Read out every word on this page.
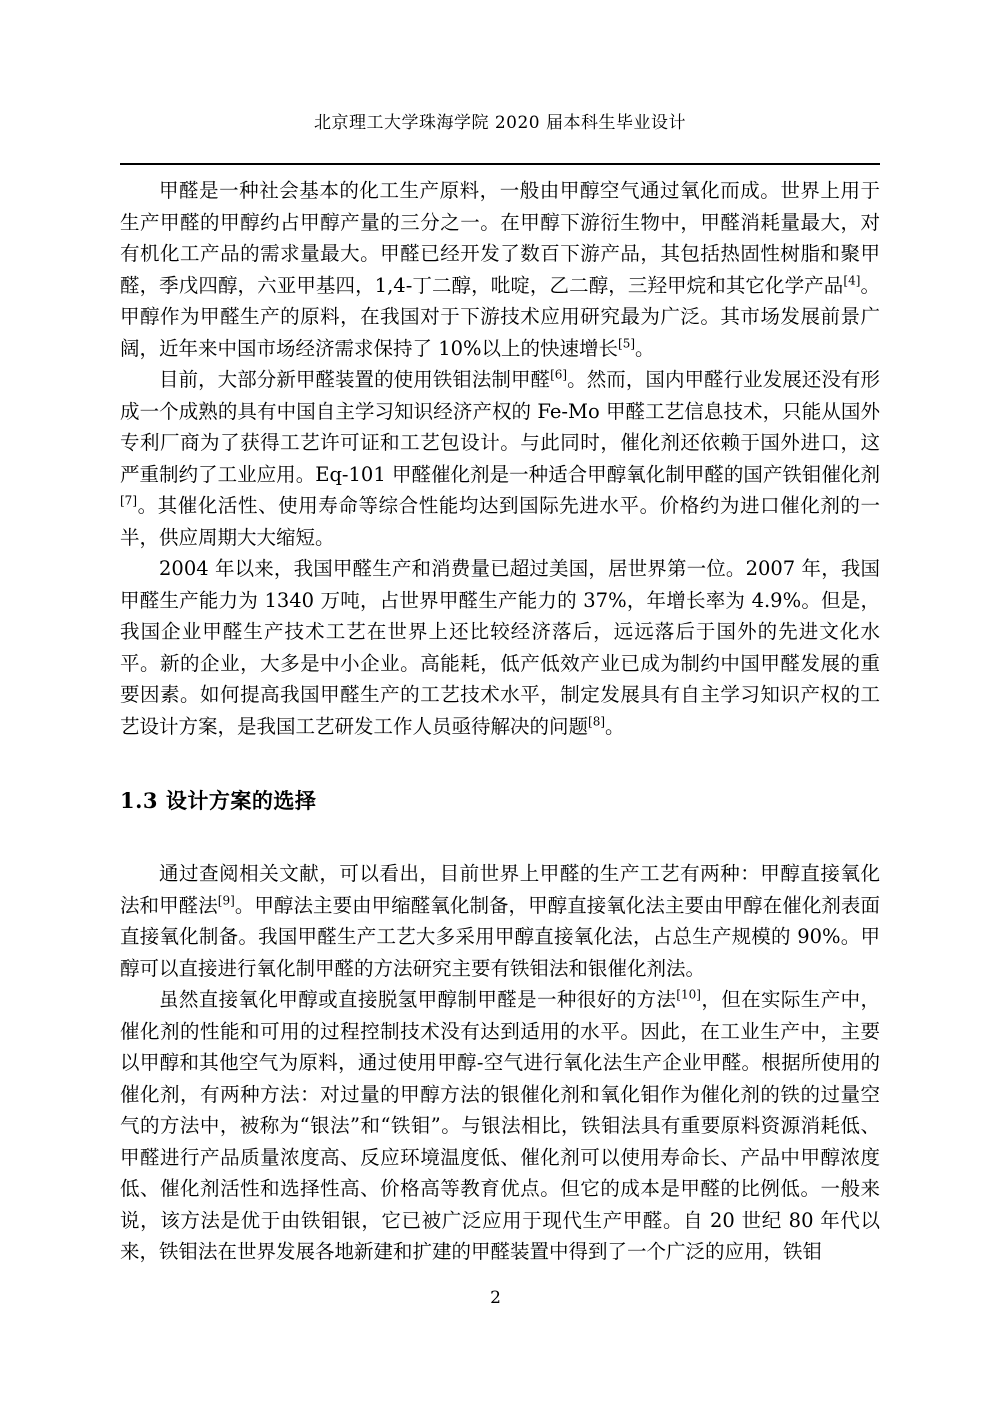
北京理工大学珠海学院 2020 届本科生毕业设计

甲醛是一种社会基本的化工生产原料，一般由甲醇空气通过氧化而成。世界上用于生产甲醛的甲醇约占甲醇产量的三分之一。在甲醇下游衍生物中，甲醛消耗量最大，对有机化工产品的需求量最大。甲醛已经开发了数百下游产品，其包括热固性树脂和聚甲醛，季戊四醇，六亚甲基四，1,4-丁二醇，吡啶，乙二醇，三羟甲烷和其它化学产品[4]。甲醇作为甲醛生产的原料，在我国对于下游技术应用研究最为广泛。其市场发展前景广阔，近年来中国市场经济需求保持了 10%以上的快速增长[5]。

目前，大部分新甲醛装置的使用铁钼法制甲醛[6]。然而，国内甲醛行业发展还没有形成一个成熟的具有中国自主学习知识经济产权的 Fe-Mo 甲醛工艺信息技术，只能从国外专利厂商为了获得工艺许可证和工艺包设计。与此同时，催化剂还依赖于国外进口，这严重制约了工业应用。Eq-101 甲醛催化剂是一种适合甲醇氧化制甲醛的国产铁钼催化剂[7]。其催化活性、使用寿命等综合性能均达到国际先进水平。价格约为进口催化剂的一半，供应周期大大缩短。

2004 年以来，我国甲醛生产和消费量已超过美国，居世界第一位。2007 年，我国甲醛生产能力为 1340 万吨，占世界甲醛生产能力的 37%，年增长率为 4.9%。但是，我国企业甲醛生产技术工艺在世界上还比较经济落后，远远落后于国外的先进文化水平。新的企业，大多是中小企业。高能耗，低产低效产业已成为制约中国甲醛发展的重要因素。如何提高我国甲醛生产的工艺技术水平，制定发展具有自主学习知识产权的工艺设计方案，是我国工艺研发工作人员亟待解决的问题[8]。

1.3 设计方案的选择

通过查阅相关文献，可以看出，目前世界上甲醛的生产工艺有两种：甲醇直接氧化法和甲醛法[9]。甲醇法主要由甲缩醛氧化制备，甲醇直接氧化法主要由甲醇在催化剂表面直接氧化制备。我国甲醛生产工艺大多采用甲醇直接氧化法，占总生产规模的 90%。甲醇可以直接进行氧化制甲醛的方法研究主要有铁钼法和银催化剂法。

虽然直接氧化甲醇或直接脱氢甲醇制甲醛是一种很好的方法[10]，但在实际生产中，催化剂的性能和可用的过程控制技术没有达到适用的水平。因此，在工业生产中，主要以甲醇和其他空气为原料，通过使用甲醇-空气进行氧化法生产企业甲醛。根据所使用的催化剂，有两种方法：对过量的甲醇方法的银催化剂和氧化钼作为催化剂的铁的过量空气的方法中，被称为“银法”和“铁钼”。与银法相比，铁钼法具有重要原料资源消耗低、甲醛进行产品质量浓度高、反应环境温度低、催化剂可以使用寿命长、产品中甲醇浓度低、催化剂活性和选择性高、价格高等教育优点。但它的成本是甲醛的比例低。一般来说，该方法是优于由铁钼银，它已被广泛应用于现代生产甲醛。自 20 世纪 80 年代以来，铁钼法在世界发展各地新建和扩建的甲醛装置中得到了一个广泛的应用，铁钼

2
